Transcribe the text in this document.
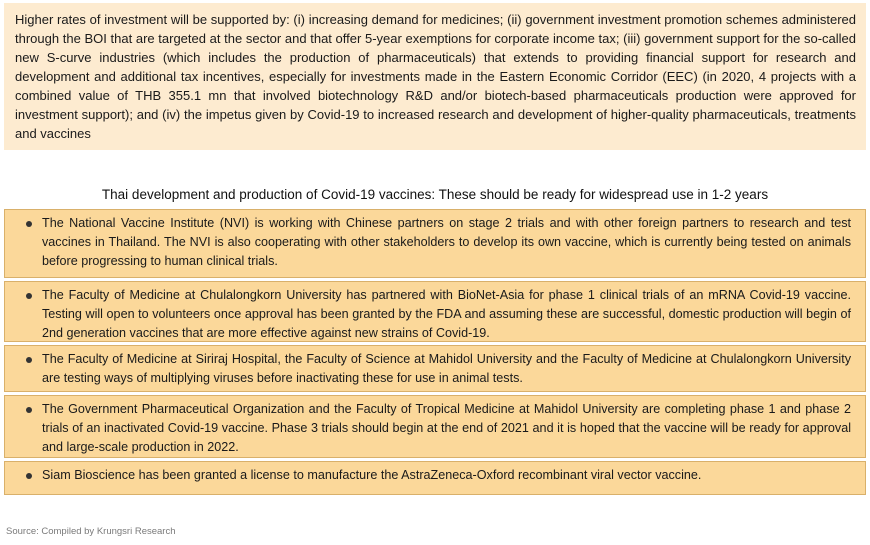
Higher rates of investment will be supported by: (i) increasing demand for medicines; (ii) government investment promotion schemes administered through the BOI that are targeted at the sector and that offer 5-year exemptions for corporate income tax; (iii) government support for the so-called new S-curve industries (which includes the production of pharmaceuticals) that extends to providing financial support for research and development and additional tax incentives, especially for investments made in the Eastern Economic Corridor (EEC) (in 2020, 4 projects with a combined value of THB 355.1 mn that involved biotechnology R&D and/or biotech-based pharmaceuticals production were approved for investment support); and (iv) the impetus given by Covid-19 to increased research and development of higher-quality pharmaceuticals, treatments and vaccines
Thai development and production of Covid-19 vaccines: These should be ready for widespread use in 1-2 years
The National Vaccine Institute (NVI) is working with Chinese partners on stage 2 trials and with other foreign partners to research and test vaccines in Thailand. The NVI is also cooperating with other stakeholders to develop its own vaccine, which is currently being tested on animals before progressing to human clinical trials.
The Faculty of Medicine at Chulalongkorn University has partnered with BioNet-Asia for phase 1 clinical trials of an mRNA Covid-19 vaccine. Testing will open to volunteers once approval has been granted by the FDA and assuming these are successful, domestic production will begin of 2nd generation vaccines that are more effective against new strains of Covid-19.
The Faculty of Medicine at Siriraj Hospital, the Faculty of Science at Mahidol University and the Faculty of Medicine at Chulalongkorn University are testing ways of multiplying viruses before inactivating these for use in animal tests.
The Government Pharmaceutical Organization and the Faculty of Tropical Medicine at Mahidol University are completing phase 1 and phase 2 trials of an inactivated Covid-19 vaccine. Phase 3 trials should begin at the end of 2021 and it is hoped that the vaccine will be ready for approval and large-scale production in 2022.
Siam Bioscience has been granted a license to manufacture the AstraZeneca-Oxford recombinant viral vector vaccine.
Source: Compiled by Krungsri Research
